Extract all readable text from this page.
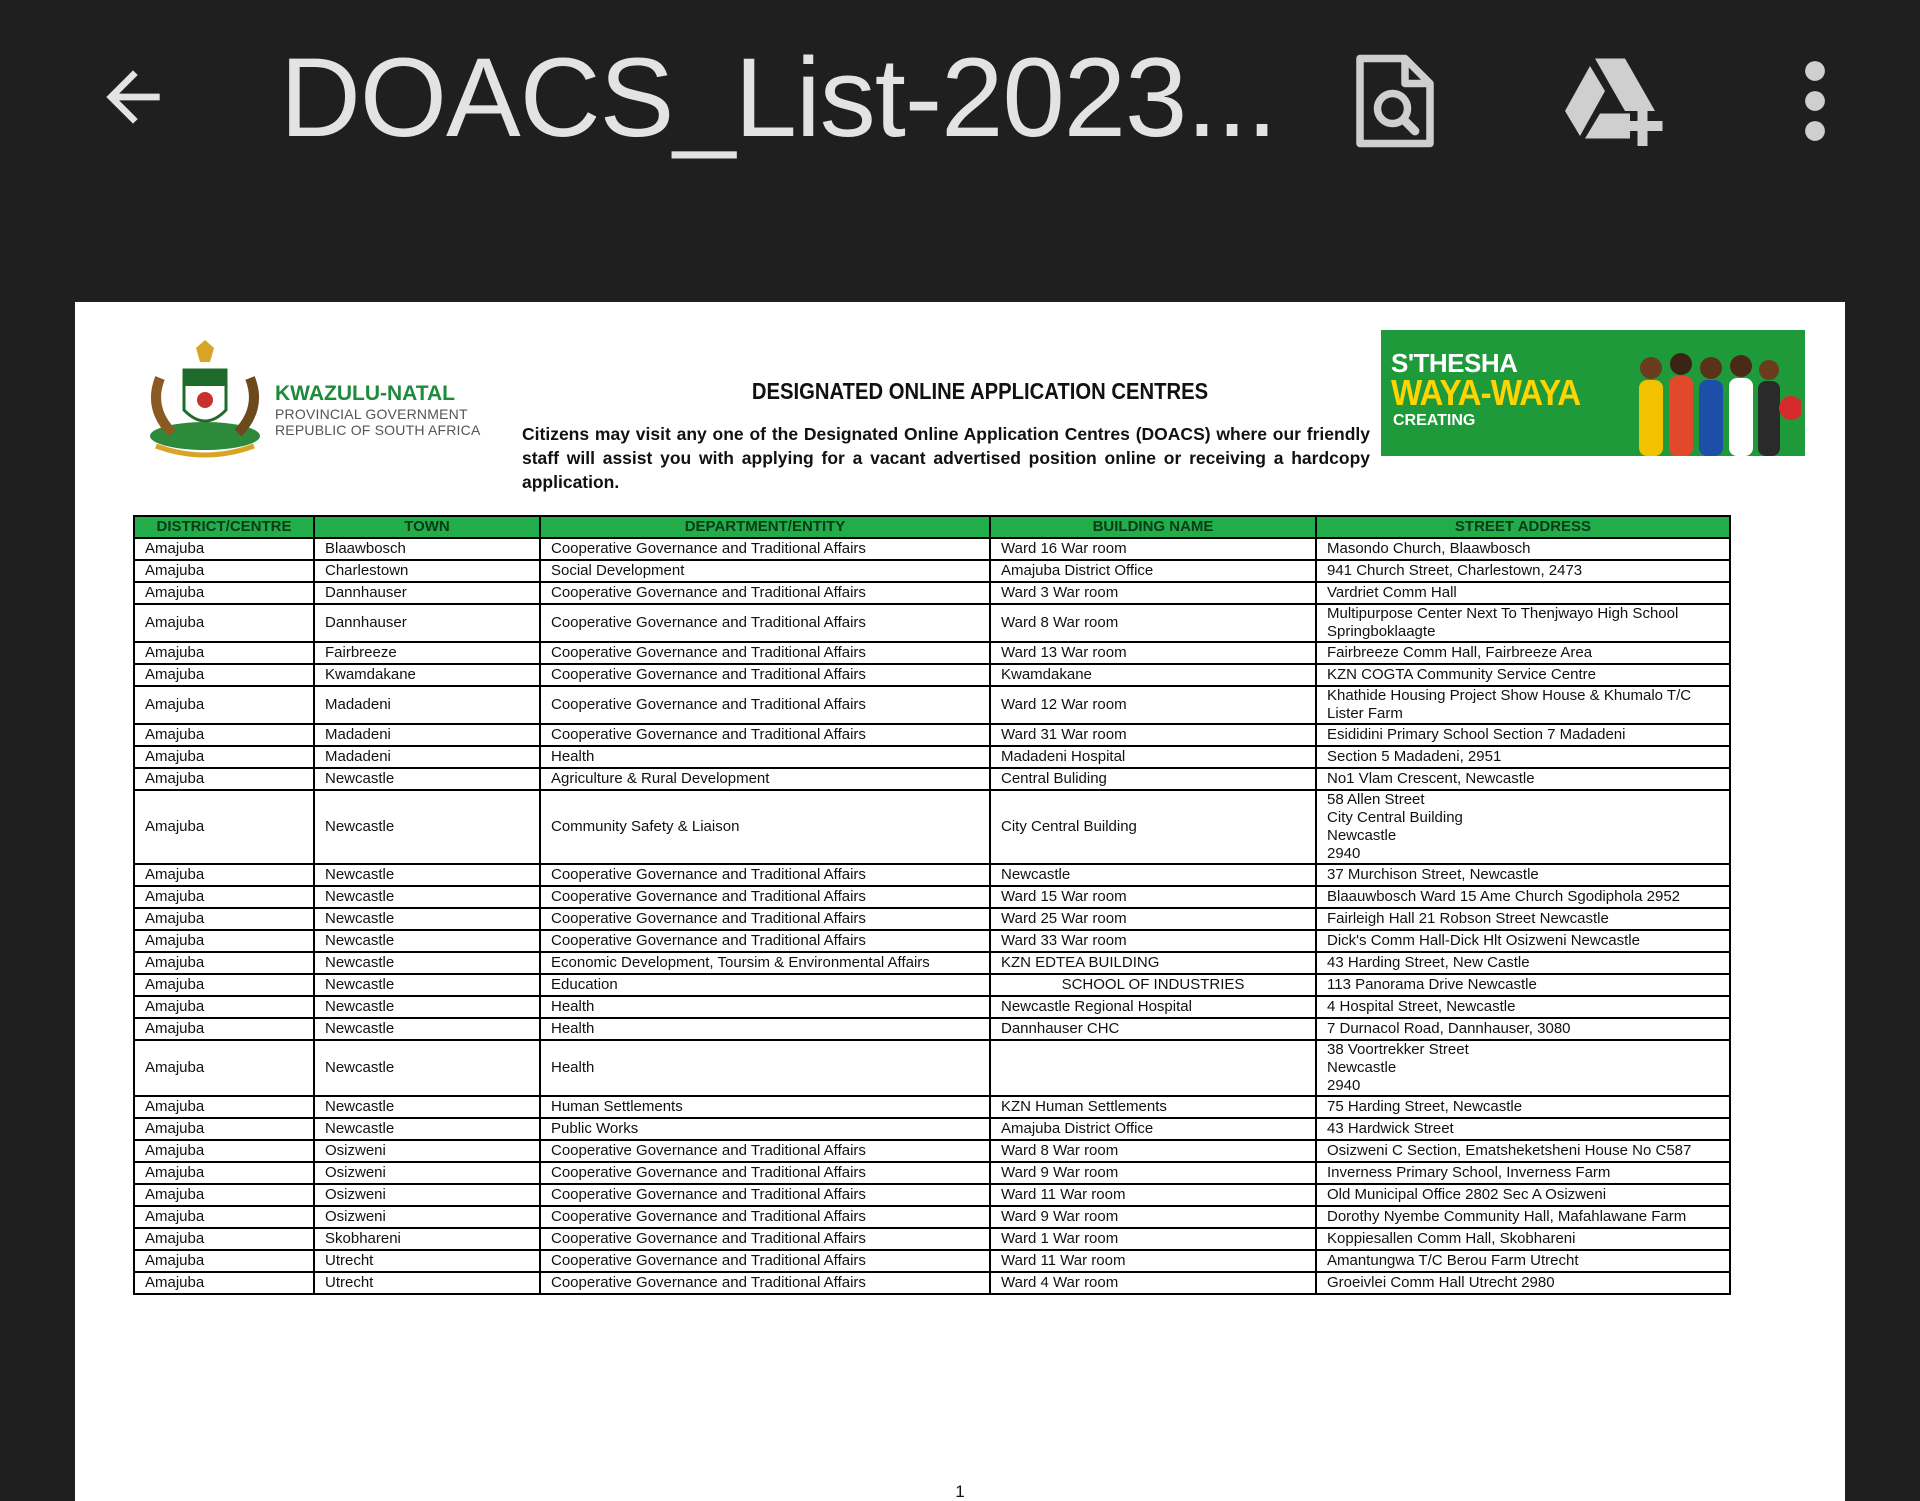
DOACS_List-2023...
KWAZULU-NATAL
PROVINCIAL GOVERNMENT
REPUBLIC OF SOUTH AFRICA
DESIGNATED ONLINE APPLICATION CENTRES
Citizens may visit any one of the Designated Online Application Centres (DOACS) where our friendly staff will assist you with applying for a vacant advertised position online or receiving a hardcopy application.
S'THESHA
WAYA-WAYA
CREATING
DISTRICT/CENTRE	TOWN	DEPARTMENT/ENTITY	BUILDING NAME	STREET ADDRESS
Amajuba	Blaawbosch	Cooperative Governance and Traditional Affairs	Ward 16 War room	Masondo Church, Blaawbosch
Amajuba	Charlestown	Social Development	Amajuba District Office	941 Church Street, Charlestown, 2473
Amajuba	Dannhauser	Cooperative Governance and Traditional Affairs	Ward 3 War room	Vardriet Comm Hall
Amajuba	Dannhauser	Cooperative Governance and Traditional Affairs	Ward 8 War room	Multipurpose Center Next To Thenjwayo High School Springboklaagte
Amajuba	Fairbreeze	Cooperative Governance and Traditional Affairs	Ward 13 War room	Fairbreeze Comm Hall, Fairbreeze Area
Amajuba	Kwamdakane	Cooperative Governance and Traditional Affairs	Kwamdakane	KZN COGTA Community Service Centre
Amajuba	Madadeni	Cooperative Governance and Traditional Affairs	Ward 12 War room	Khathide Housing Project Show House & Khumalo T/C Lister Farm
Amajuba	Madadeni	Cooperative Governance and Traditional Affairs	Ward 31 War room	Esididini Primary School Section 7 Madadeni
Amajuba	Madadeni	Health	Madadeni Hospital	Section 5 Madadeni, 2951
Amajuba	Newcastle	Agriculture & Rural Development	Central Buliding	No1 Vlam Crescent, Newcastle
Amajuba	Newcastle	Community Safety & Liaison	City Central Building	58 Allen Street
City Central Building
Newcastle
2940
Amajuba	Newcastle	Cooperative Governance and Traditional Affairs	Newcastle	37 Murchison Street, Newcastle
Amajuba	Newcastle	Cooperative Governance and Traditional Affairs	Ward 15 War room	Blaauwbosch Ward 15 Ame Church Sgodiphola 2952
Amajuba	Newcastle	Cooperative Governance and Traditional Affairs	Ward 25 War room	Fairleigh Hall 21 Robson Street Newcastle
Amajuba	Newcastle	Cooperative Governance and Traditional Affairs	Ward 33 War room	Dick's Comm Hall-Dick Hlt Osizweni Newcastle
Amajuba	Newcastle	Economic Development, Toursim & Environmental Affairs	KZN EDTEA BUILDING	43 Harding Street, New Castle
Amajuba	Newcastle	Education	SCHOOL OF INDUSTRIES	113 Panorama Drive Newcastle
Amajuba	Newcastle	Health	Newcastle Regional Hospital	4 Hospital Street, Newcastle
Amajuba	Newcastle	Health	Dannhauser CHC	7 Durnacol Road, Dannhauser, 3080
Amajuba	Newcastle	Health		38 Voortrekker Street
Newcastle
2940
Amajuba	Newcastle	Human Settlements	KZN Human Settlements	75 Harding Street, Newcastle
Amajuba	Newcastle	Public Works	Amajuba District Office	43 Hardwick Street
Amajuba	Osizweni	Cooperative Governance and Traditional Affairs	Ward 8 War room	Osizweni C Section, Ematsheketsheni House No C587
Amajuba	Osizweni	Cooperative Governance and Traditional Affairs	Ward 9 War room	Inverness Primary School, Inverness Farm
Amajuba	Osizweni	Cooperative Governance and Traditional Affairs	Ward 11 War room	Old Municipal Office 2802 Sec A Osizweni
Amajuba	Osizweni	Cooperative Governance and Traditional Affairs	Ward 9 War room	Dorothy Nyembe Community Hall, Mafahlawane Farm
Amajuba	Skobhareni	Cooperative Governance and Traditional Affairs	Ward 1 War room	Koppiesallen Comm Hall, Skobhareni
Amajuba	Utrecht	Cooperative Governance and Traditional Affairs	Ward 11 War room	Amantungwa T/C Berou Farm Utrecht
Amajuba	Utrecht	Cooperative Governance and Traditional Affairs	Ward 4 War room	Groeivlei Comm Hall Utrecht 2980
1
